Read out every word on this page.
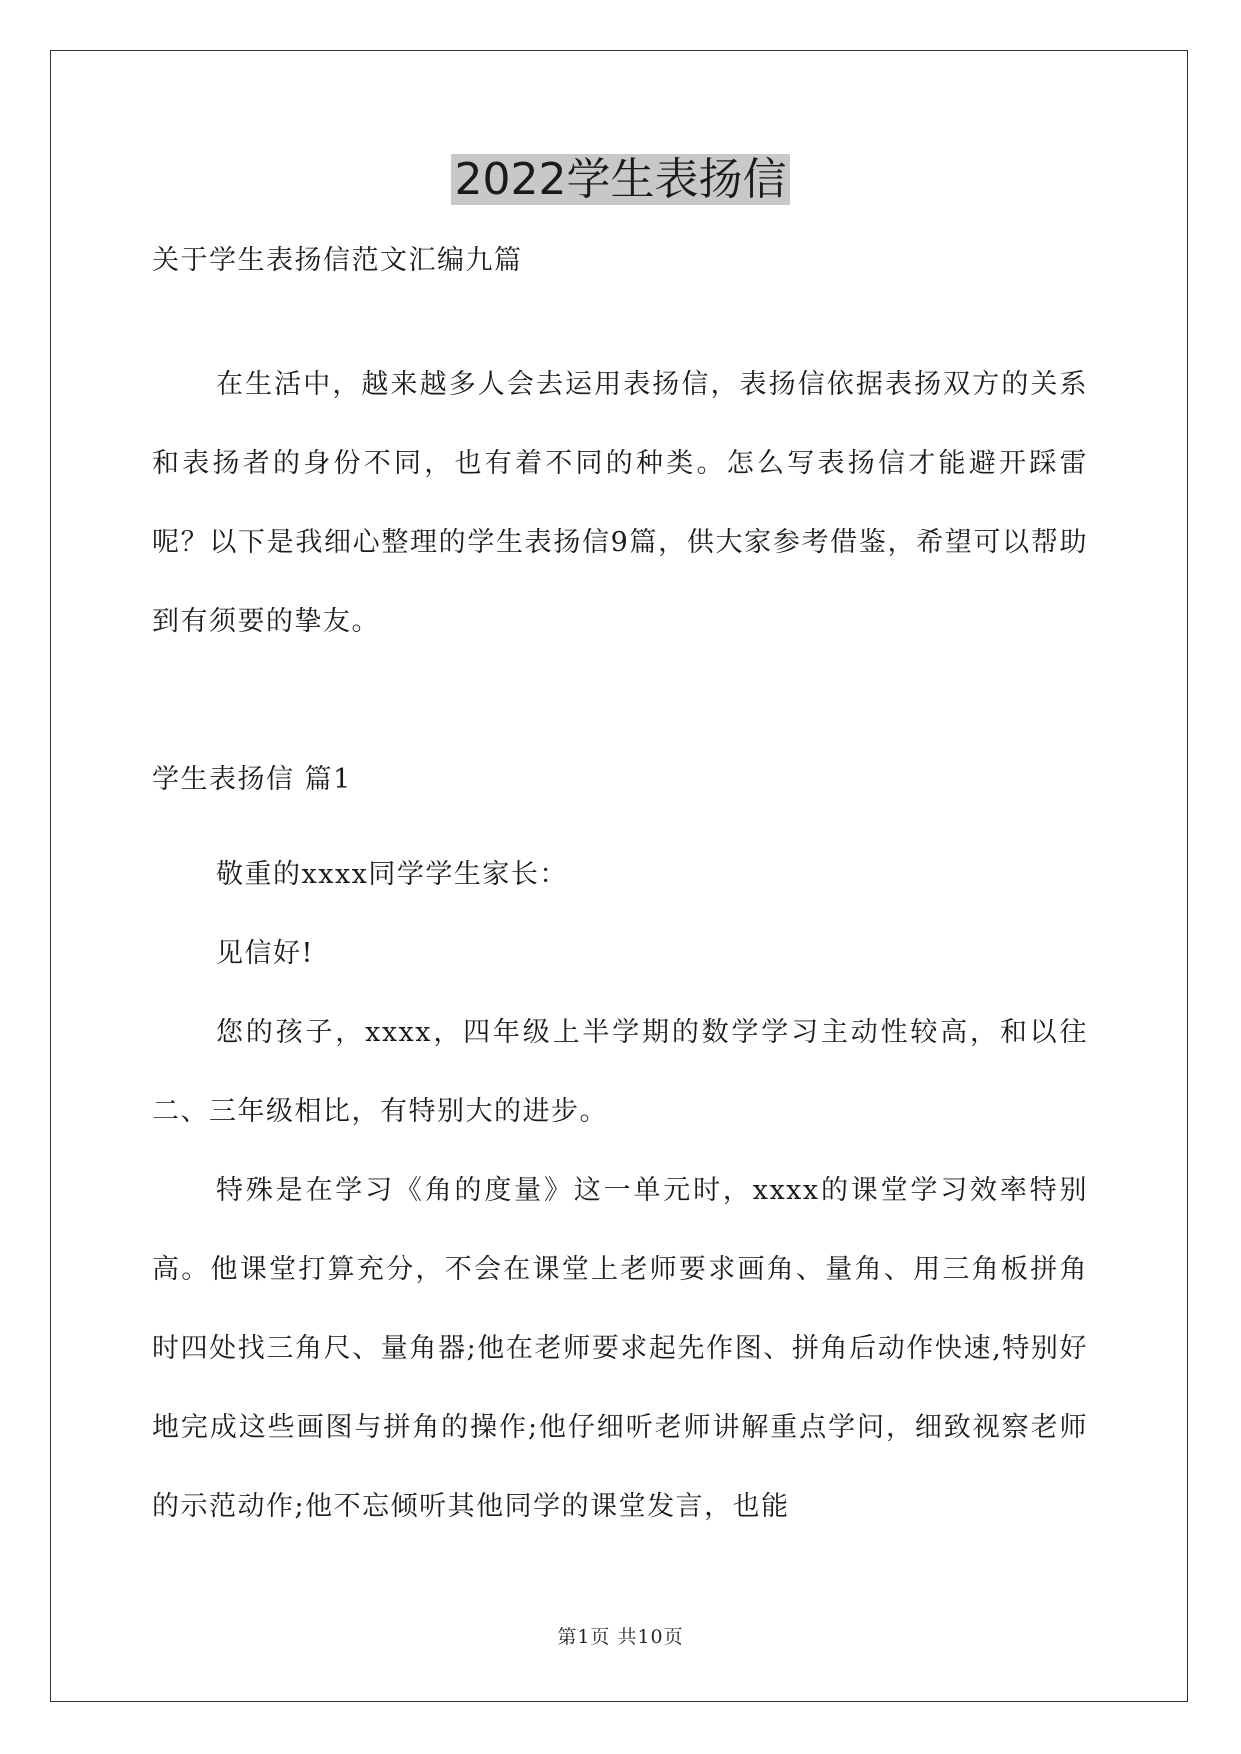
2022学生表扬信
关于学生表扬信范文汇编九篇
在生活中，越来越多人会去运用表扬信，表扬信依据表扬双方的关系和表扬者的身份不同，也有着不同的种类。怎么写表扬信才能避开踩雷呢？以下是我细心整理的学生表扬信9篇，供大家参考借鉴，希望可以帮助到有须要的挚友。
学生表扬信 篇1

敬重的xxxx同学学生家长：

见信好!

您的孩子，xxxx，四年级上半学期的数学学习主动性较高，和以往二、三年级相比，有特别大的进步。

特殊是在学习《角的度量》这一单元时，xxxx的课堂学习效率特别高。他课堂打算充分，不会在课堂上老师要求画角、量角、用三角板拼角时四处找三角尺、量角器;他在老师要求起先作图、拼角后动作快速,特别好地完成这些画图与拼角的操作;他仔细听老师讲解重点学问，细致视察老师的示范动作;他不忘倾听其他同学的课堂发言，也能

第1页 共10页
